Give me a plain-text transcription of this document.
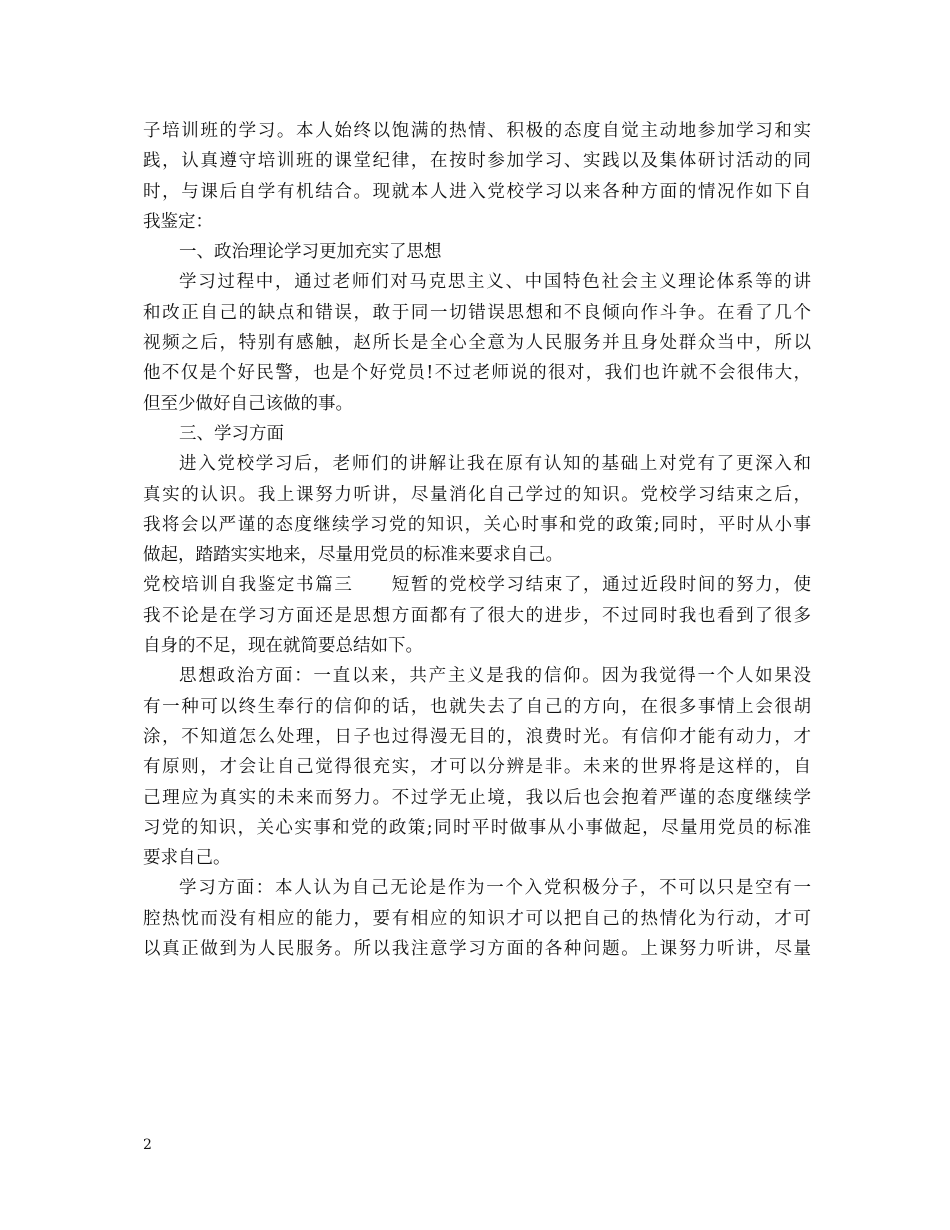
子培训班的学习。本人始终以饱满的热情、积极的态度自觉主动地参加学习和实
践，认真遵守培训班的课堂纪律，在按时参加学习、实践以及集体研讨活动的同
时，与课后自学有机结合。现就本人进入党校学习以来各种方面的情况作如下自
我鉴定：
一、政治理论学习更加充实了思想
学习过程中，通过老师们对马克思主义、中国特色社会主义理论体系等的讲
和改正自己的缺点和错误，敢于同一切错误思想和不良倾向作斗争。在看了几个
视频之后，特别有感触，赵所长是全心全意为人民服务并且身处群众当中，所以
他不仅是个好民警，也是个好党员!不过老师说的很对，我们也许就不会很伟大，
但至少做好自己该做的事。
三、学习方面
进入党校学习后，老师们的讲解让我在原有认知的基础上对党有了更深入和
真实的认识。我上课努力听讲，尽量消化自己学过的知识。党校学习结束之后，
我将会以严谨的态度继续学习党的知识，关心时事和党的政策;同时，平时从小事
做起，踏踏实实地来，尽量用党员的标准来要求自己。
党校培训自我鉴定书篇三　　短暂的党校学习结束了，通过近段时间的努力，使
我不论是在学习方面还是思想方面都有了很大的进步，不过同时我也看到了很多
自身的不足，现在就简要总结如下。
思想政治方面：一直以来，共产主义是我的信仰。因为我觉得一个人如果没
有一种可以终生奉行的信仰的话，也就失去了自己的方向，在很多事情上会很胡
涂，不知道怎么处理，日子也过得漫无目的，浪费时光。有信仰才能有动力，才
有原则，才会让自己觉得很充实，才可以分辨是非。未来的世界将是这样的，自
己理应为真实的未来而努力。不过学无止境，我以后也会抱着严谨的态度继续学
习党的知识，关心实事和党的政策;同时平时做事从小事做起，尽量用党员的标准
要求自己。
学习方面：本人认为自己无论是作为一个入党积极分子，不可以只是空有一
腔热忱而没有相应的能力，要有相应的知识才可以把自己的热情化为行动，才可
以真正做到为人民服务。所以我注意学习方面的各种问题。上课努力听讲，尽量
2
